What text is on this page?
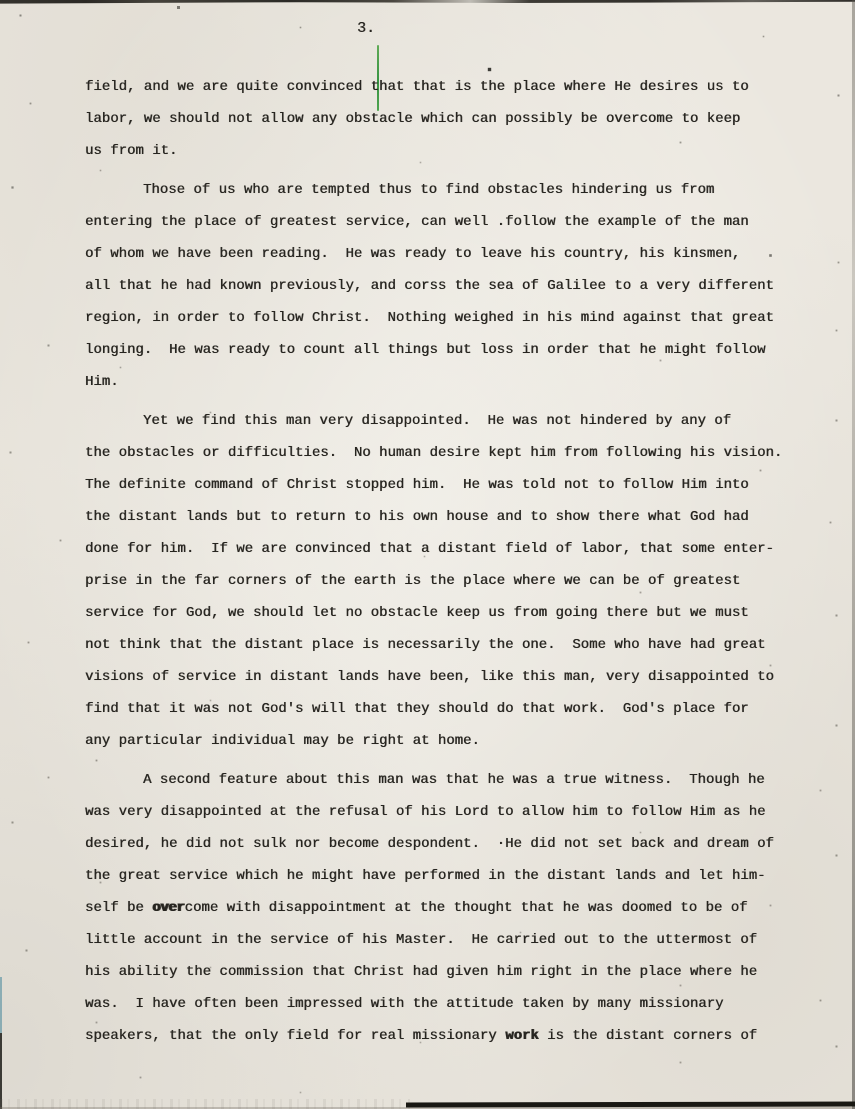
3.
field, and we are quite convinced that that is the place where He desires us to
labor, we should not allow any obstacle which can possibly be overcome to keep
us from it.
Those of us who are tempted thus to find obstacles hindering us from
entering the place of greatest service, can well .follow the example of the man
of whom we have been reading.  He was ready to leave his country, his kinsmen,
all that he had known previously, and corss the sea of Galilee to a very different
region, in order to follow Christ.  Nothing weighed in his mind against that great
longing.  He was ready to count all things but loss in order that he might follow
Him.
Yet we find this man very disappointed.  He was not hindered by any of
the obstacles or difficulties.  No human desire kept him from following his vision.
The definite command of Christ stopped him.  He was told not to follow Him into
the distant lands but to return to his own house and to show there what God had
done for him.  If we are convinced that a distant field of labor, that some enter-
prise in the far corners of the earth is the place where we can be of greatest
service for God, we should let no obstacle keep us from going there but we must
not think that the distant place is necessarily the one.  Some who have had great
visions of service in distant lands have been, like this man, very disappointed to
find that it was not God's will that they should do that work.  God's place for
any particular individual may be right at home.
A second feature about this man was that he was a true witness.  Though he
was very disappointed at the refusal of his Lord to allow him to follow Him as he
desired, he did not sulk nor become despondent.  ·He did not set back and dream of
the great service which he might have performed in the distant lands and let him-
self be overcome with disappointment at the thought that he was doomed to be of
little account in the service of his Master.  He carried out to the uttermost of
his ability the commission that Christ had given him right in the place where he
was.  I have often been impressed with the attitude taken by many missionary
speakers, that the only field for real missionary work is the distant corners of
